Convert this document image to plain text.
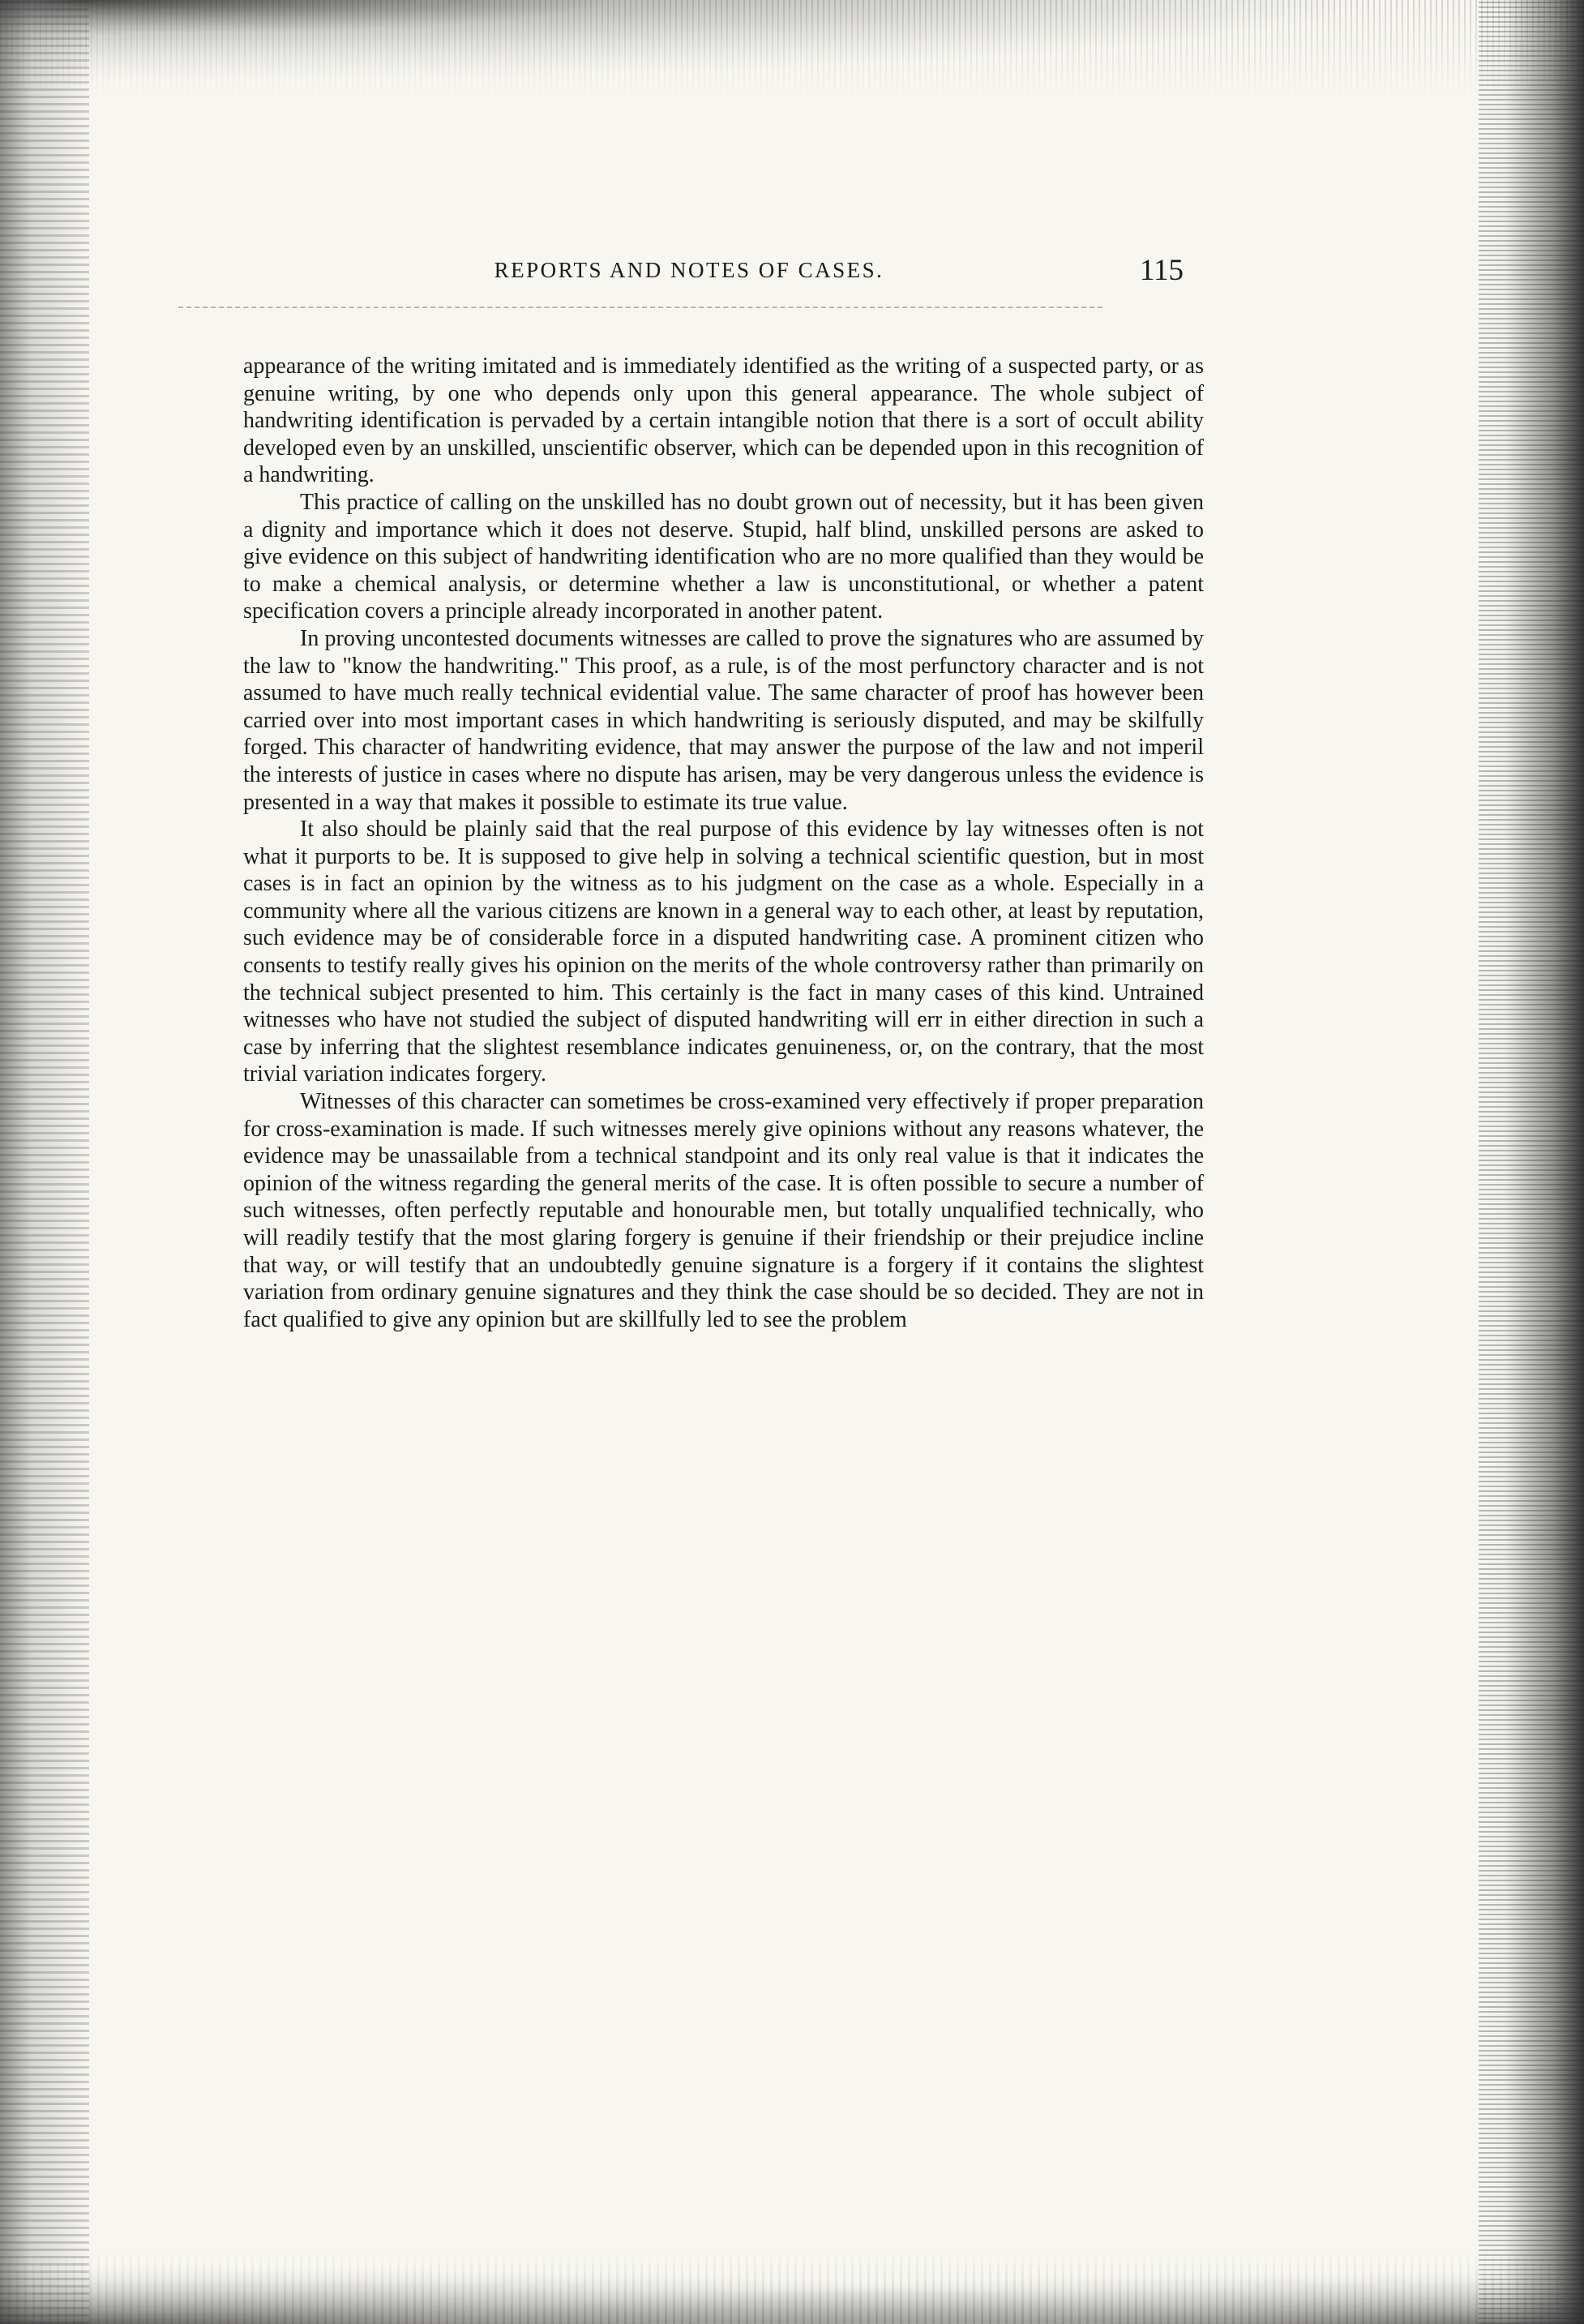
REPORTS AND NOTES OF CASES.	115

appearance of the writing imitated and is immediately identified as the writing of a suspected party, or as genuine writing, by one who depends only upon this general appearance. The whole subject of handwriting identification is pervaded by a certain intangible notion that there is a sort of occult ability developed even by an unskilled, unscientific observer, which can be depended upon in this recognition of a handwriting.

This practice of calling on the unskilled has no doubt grown out of necessity, but it has been given a dignity and importance which it does not deserve. Stupid, half blind, unskilled persons are asked to give evidence on this subject of handwriting identification who are no more qualified than they would be to make a chemical analysis, or determine whether a law is unconstitutional, or whether a patent specification covers a principle already incorporated in another patent.

In proving uncontested documents witnesses are called to prove the signatures who are assumed by the law to "know the handwriting." This proof, as a rule, is of the most perfunctory character and is not assumed to have much really technical evidential value. The same character of proof has however been carried over into most important cases in which handwriting is seriously disputed, and may be skilfully forged. This character of handwriting evidence, that may answer the purpose of the law and not imperil the interests of justice in cases where no dispute has arisen, may be very dangerous unless the evidence is presented in a way that makes it possible to estimate its true value.

It also should be plainly said that the real purpose of this evidence by lay witnesses often is not what it purports to be. It is supposed to give help in solving a technical scientific question, but in most cases is in fact an opinion by the witness as to his judgment on the case as a whole. Especially in a community where all the various citizens are known in a general way to each other, at least by reputation, such evidence may be of considerable force in a disputed handwriting case. A prominent citizen who consents to testify really gives his opinion on the merits of the whole controversy rather than primarily on the technical subject presented to him. This certainly is the fact in many cases of this kind. Untrained witnesses who have not studied the subject of disputed handwriting will err in either direction in such a case by inferring that the slightest resemblance indicates genuineness, or, on the contrary, that the most trivial variation indicates forgery.

Witnesses of this character can sometimes be cross-examined very effectively if proper preparation for cross-examination is made. If such witnesses merely give opinions without any reasons whatever, the evidence may be unassailable from a technical standpoint and its only real value is that it indicates the opinion of the witness regarding the general merits of the case. It is often possible to secure a number of such witnesses, often perfectly reputable and honourable men, but totally unqualified technically, who will readily testify that the most glaring forgery is genuine if their friendship or their prejudice incline that way, or will testify that an undoubtedly genuine signature is a forgery if it contains the slightest variation from ordinary genuine signatures and they think the case should be so decided. They are not in fact qualified to give any opinion but are skillfully led to see the problem
